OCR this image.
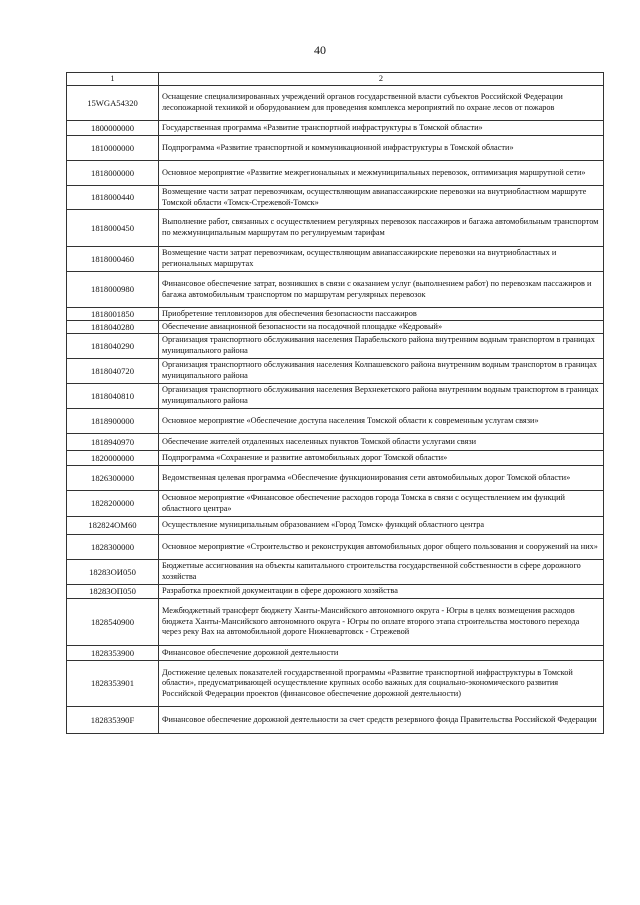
40
1	2
15WGA54320	Оснащение специализированных учреждений органов государственной власти субъектов Российской Федерации лесопожарной техникой и оборудованием для проведения комплекса мероприятий по охране лесов от пожаров
1800000000	Государственная программа «Развитие транспортной инфраструктуры в Томской области»
1810000000	Подпрограмма «Развитие транспортной и коммуникационной инфраструктуры в Томской области»
1818000000	Основное мероприятие «Развитие межрегиональных и межмуниципальных перевозок, оптимизация маршрутной сети»
1818000440	Возмещение части затрат перевозчикам, осуществляющим авиапассажирские перевозки на внутриобластном маршруте Томской области «Томск-Стрежевой-Томск»
1818000450	Выполнение работ, связанных с осуществлением регулярных перевозок пассажиров и багажа автомобильным транспортом по межмуниципальным маршрутам по регулируемым тарифам
1818000460	Возмещение части затрат перевозчикам, осуществляющим авиапассажирские перевозки на внутриобластных и региональных маршрутах
1818000980	Финансовое обеспечение затрат, возникших в связи с оказанием услуг (выполнением работ) по перевозкам пассажиров и багажа автомобильным транспортом по маршрутам регулярных перевозок
1818001850	Приобретение тепловизоров для обеспечения безопасности пассажиров
1818040280	Обеспечение авиационной безопасности на посадочной площадке «Кедровый»
1818040290	Организация транспортного обслуживания населения Парабельского района внутренним водным транспортом в границах муниципального района
1818040720	Организация транспортного обслуживания населения Колпашевского района внутренним водным транспортом в границах муниципального района
1818040810	Организация транспортного обслуживания населения Верхнекетского района внутренним водным транспортом в границах муниципального района
1818900000	Основное мероприятие «Обеспечение доступа населения Томской области к современным услугам связи»
1818940970	Обеспечение жителей отдаленных населенных пунктов Томской области услугами связи
1820000000	Подпрограмма «Сохранение и развитие автомобильных дорог Томской области»
1826300000	Ведомственная целевая программа «Обеспечение функционирования сети автомобильных дорог Томской области»
1828200000	Основное мероприятие «Финансовое обеспечение расходов города Томска в связи с осуществлением им функций областного центра»
182824ОМ60	Осуществление муниципальным образованием «Город Томск» функций областного центра
1828300000	Основное мероприятие «Строительство и реконструкция автомобильных дорог общего пользования и сооружений на них»
18283ОИ050	Бюджетные ассигнования на объекты капитального строительства государственной собственности в сфере дорожного хозяйства
18283ОП050	Разработка проектной документации в сфере дорожного хозяйства
1828540900	Межбюджетный трансферт бюджету Ханты-Мансийского автономного округа - Югры в целях возмещения расходов бюджета Ханты-Мансийского автономного округа - Югры по оплате второго этапа строительства мостового перехода через реку Вах на автомобильной дороге Нижневартовск - Стрежевой
1828353900	Финансовое обеспечение дорожной деятельности
1828353901	Достижение целевых показателей государственной программы «Развитие транспортной инфраструктуры в Томской области», предусматривающей осуществление крупных особо важных для социально-экономического развития Российской Федерации проектов (финансовое обеспечение дорожной деятельности)
182835390F	Финансовое обеспечение дорожной деятельности за счет средств резервного фонда Правительства Российской Федерации
